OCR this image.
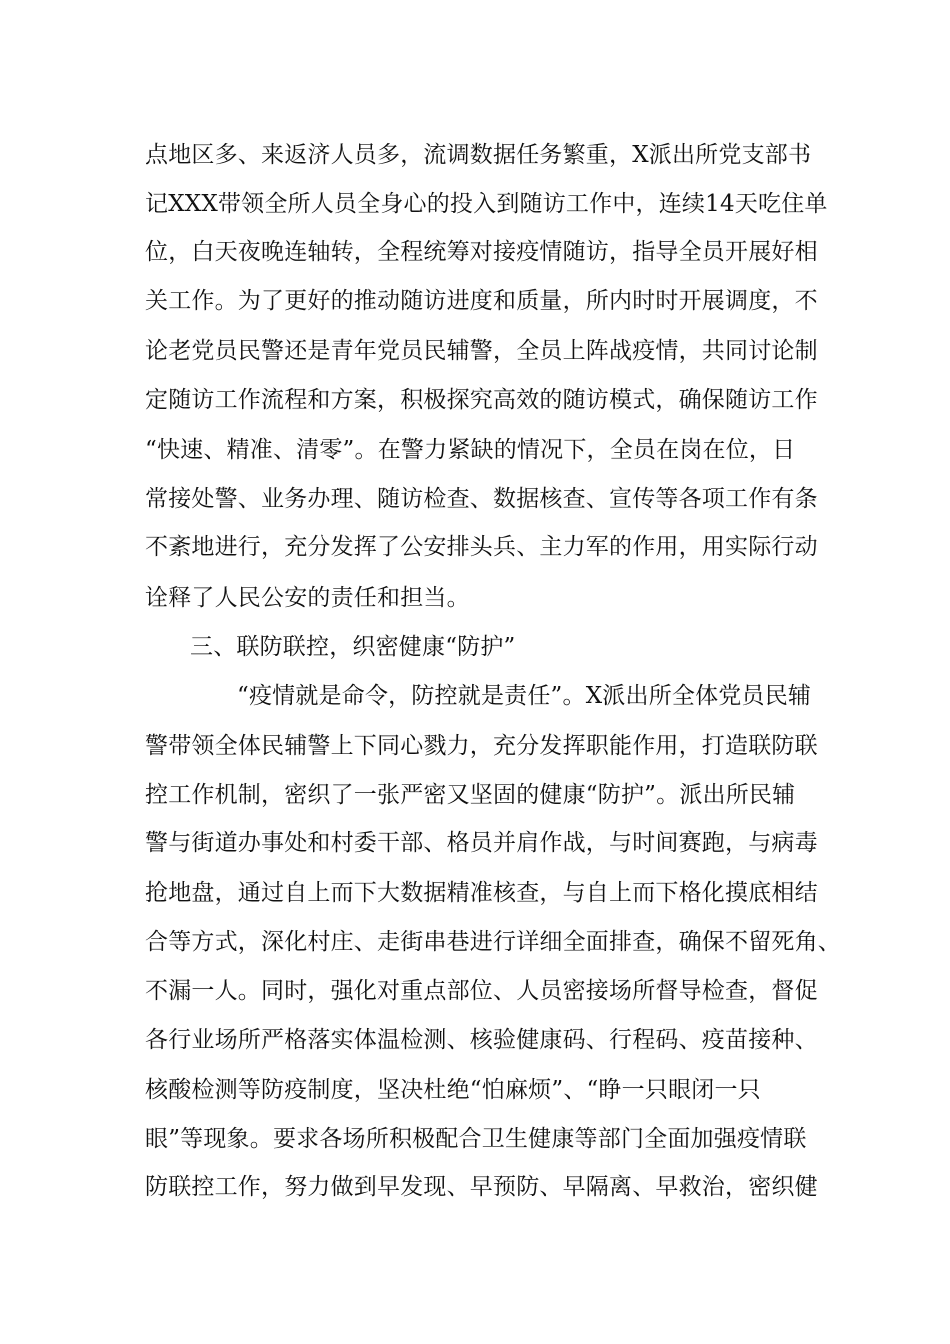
点地区多、来返济人员多，流调数据任务繁重，X派出所党支部书
记XXX带领全所人员全身心的投入到随访工作中，连续14天吃住单
位，白天夜晚连轴转，全程统筹对接疫情随访，指导全员开展好相
关工作。为了更好的推动随访进度和质量，所内时时开展调度，不
论老党员民警还是青年党员民辅警，全员上阵战疫情，共同讨论制
定随访工作流程和方案，积极探究高效的随访模式，确保随访工作
“快速、精准、清零”。在警力紧缺的情况下，全员在岗在位，日
常接处警、业务办理、随访检查、数据核查、宣传等各项工作有条
不紊地进行，充分发挥了公安排头兵、主力军的作用，用实际行动
诠释了人民公安的责任和担当。
三、联防联控，织密健康“防护”
“疫情就是命令，防控就是责任”。X派出所全体党员民辅
警带领全体民辅警上下同心戮力，充分发挥职能作用，打造联防联
控工作机制，密织了一张严密又坚固的健康“防护”。派出所民辅
警与街道办事处和村委干部、格员并肩作战，与时间赛跑，与病毒
抢地盘，通过自上而下大数据精准核查，与自上而下格化摸底相结
合等方式，深化村庄、走街串巷进行详细全面排查，确保不留死角、
不漏一人。同时，强化对重点部位、人员密接场所督导检查，督促
各行业场所严格落实体温检测、核验健康码、行程码、疫苗接种、
核酸检测等防疫制度，坚决杜绝“怕麻烦”、“睁一只眼闭一只
眼”等现象。要求各场所积极配合卫生健康等部门全面加强疫情联
防联控工作，努力做到早发现、早预防、早隔离、早救治，密织健
